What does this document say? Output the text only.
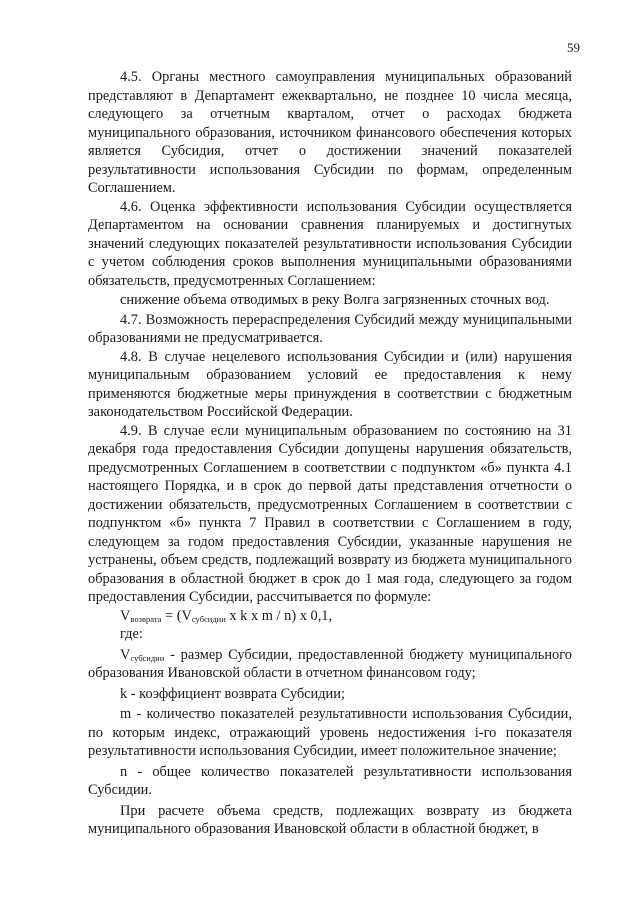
59

4.5. Органы местного самоуправления муниципальных образований представляют в Департамент ежеквартально, не позднее 10 числа месяца, следующего за отчетным кварталом, отчет о расходах бюджета муниципального образования, источником финансового обеспечения которых является Субсидия, отчет о достижении значений показателей результативности использования Субсидии по формам, определенным Соглашением.

4.6. Оценка эффективности использования Субсидии осуществляется Департаментом на основании сравнения планируемых и достигнутых значений следующих показателей результативности использования Субсидии с учетом соблюдения сроков выполнения муниципальными образованиями обязательств, предусмотренных Соглашением:

снижение объема отводимых в реку Волга загрязненных сточных вод.

4.7. Возможность перераспределения Субсидий между муниципальными образованиями не предусматривается.

4.8. В случае нецелевого использования Субсидии и (или) нарушения муниципальным образованием условий ее предоставления к нему применяются бюджетные меры принуждения в соответствии с бюджетным законодательством Российской Федерации.

4.9. В случае если муниципальным образованием по состоянию на 31 декабря года предоставления Субсидии допущены нарушения обязательств, предусмотренных Соглашением в соответствии с подпунктом «б» пункта 4.1 настоящего Порядка, и в срок до первой даты представления отчетности о достижении обязательств, предусмотренных Соглашением в соответствии с подпунктом «б» пункта 7 Правил в соответствии с Соглашением в году, следующем за годом предоставления Субсидии, указанные нарушения не устранены, объем средств, подлежащий возврату из бюджета муниципального образования в областной бюджет в срок до 1 мая года, следующего за годом предоставления Субсидии, рассчитывается по формуле:

$V_{возврата} = (V_{субсидии}$ x k x m / n) x 0,1,

где:

$V_{субсидии}$ - размер Субсидии, предоставленной бюджету муниципального образования Ивановской области в отчетном финансовом году;

k - коэффициент возврата Субсидии;

m - количество показателей результативности использования Субсидии, по которым индекс, отражающий уровень недостижения i-го показателя результативности использования Субсидии, имеет положительное значение;

n - общее количество показателей результативности использования Субсидии.

При расчете объема средств, подлежащих возврату из бюджета муниципального образования Ивановской области в областной бюджет, в
